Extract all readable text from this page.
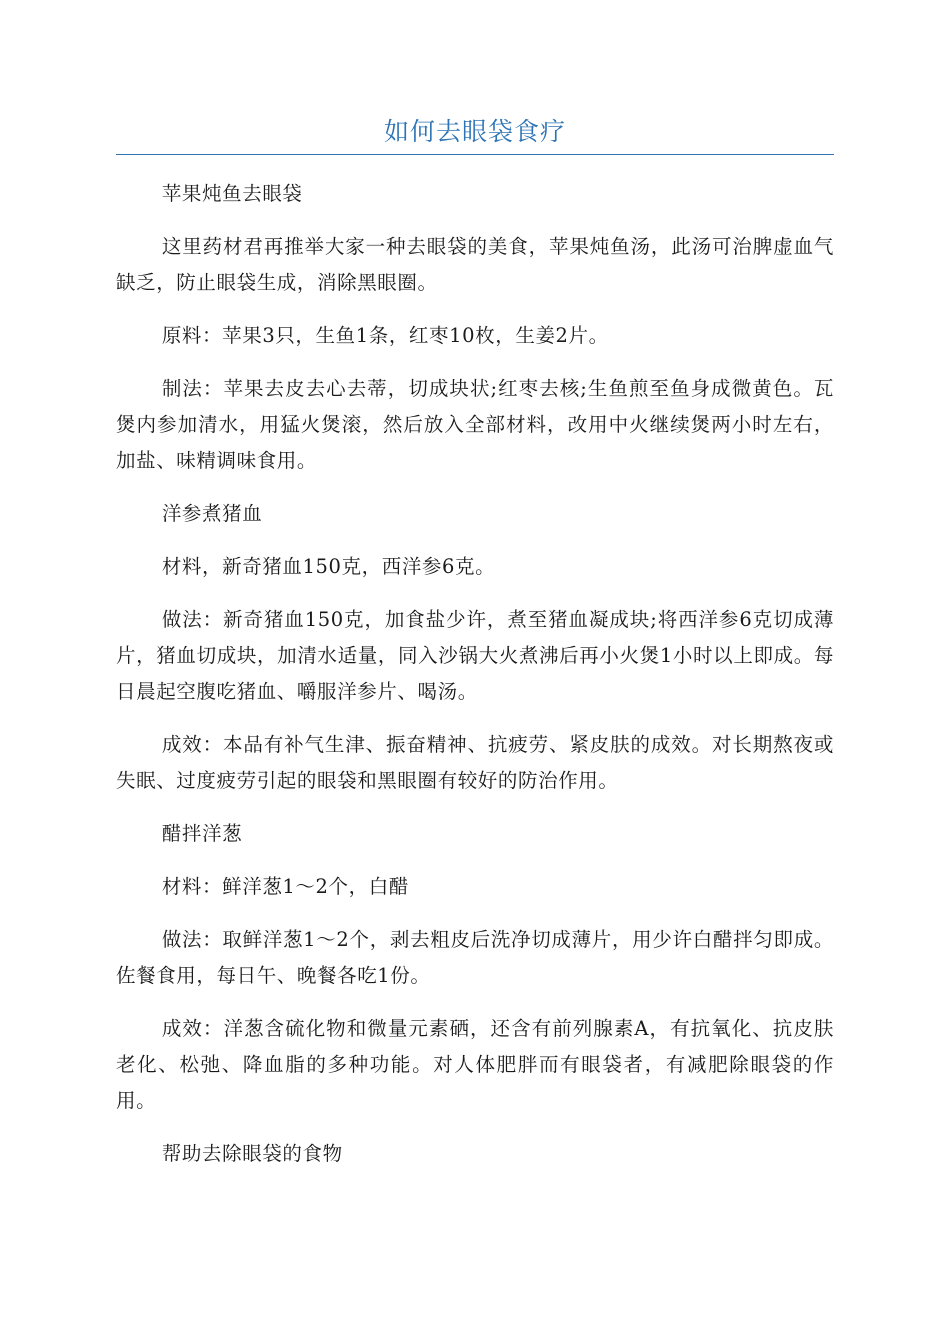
如何去眼袋食疗

苹果炖鱼去眼袋

这里药材君再推举大家一种去眼袋的美食，苹果炖鱼汤，此汤可治脾虚血气缺乏，防止眼袋生成，消除黑眼圈。

原料：苹果3只，生鱼1条，红枣10枚，生姜2片。

制法：苹果去皮去心去蒂，切成块状;红枣去核;生鱼煎至鱼身成微黄色。瓦煲内参加清水，用猛火煲滚，然后放入全部材料，改用中火继续煲两小时左右，加盐、味精调味食用。

洋参煮猪血

材料，新奇猪血150克，西洋参6克。

做法：新奇猪血150克，加食盐少许，煮至猪血凝成块;将西洋参6克切成薄片，猪血切成块，加清水适量，同入沙锅大火煮沸后再小火煲1小时以上即成。每日晨起空腹吃猪血、嚼服洋参片、喝汤。

成效：本品有补气生津、振奋精神、抗疲劳、紧皮肤的成效。对长期熬夜或失眠、过度疲劳引起的眼袋和黑眼圈有较好的防治作用。

醋拌洋葱

材料：鲜洋葱1～2个，白醋

做法：取鲜洋葱1～2个，剥去粗皮后洗净切成薄片，用少许白醋拌匀即成。佐餐食用，每日午、晚餐各吃1份。

成效：洋葱含硫化物和微量元素硒，还含有前列腺素A，有抗氧化、抗皮肤老化、松弛、降血脂的多种功能。对人体肥胖而有眼袋者，有减肥除眼袋的作用。

帮助去除眼袋的食物
